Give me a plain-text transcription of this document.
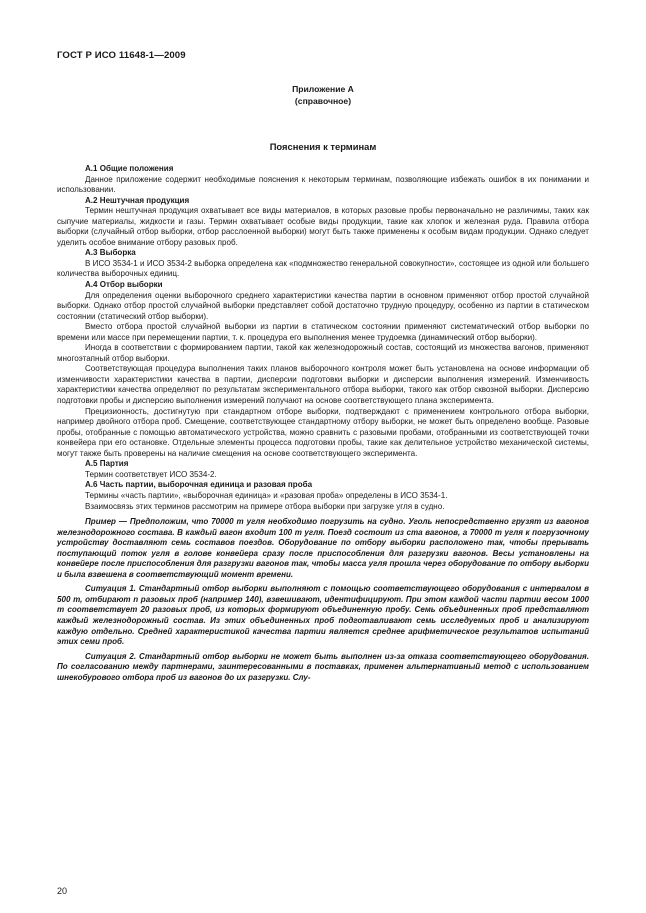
ГОСТ Р ИСО 11648-1—2009
Приложение А
(справочное)
Пояснения к терминам

А.1 Общие положения

Данное приложение содержит необходимые пояснения к некоторым терминам, позволяющие избежать ошибок в их понимании и использовании.

А.2 Нештучная продукция

Термин нештучная продукция охватывает все виды материалов, в которых разовые пробы первоначально не различимы, таких как сыпучие материалы, жидкости и газы. Термин охватывает особые виды продукции, такие как хлопок и железная руда. Правила отбора выборки (случайный отбор выборки, отбор расслоенной выборки) могут быть также применены к особым видам продукции. Однако следует уделить особое внимание отбору разовых проб.

А.3 Выборка

В ИСО 3534-1 и ИСО 3534-2 выборка определена как «подмножество генеральной совокупности», состоящее из одной или большего количества выборочных единиц.

А.4 Отбор выборки

Для определения оценки выборочного среднего характеристики качества партии в основном применяют отбор простой случайной выборки. Однако отбор простой случайной выборки представляет собой достаточно трудную процедуру, особенно из партии в статическом состоянии (статический отбор выборки).

Вместо отбора простой случайной выборки из партии в статическом состоянии применяют систематический отбор выборки по времени или массе при перемещении партии, т. к. процедура его выполнения менее трудоемка (динамический отбор выборки).

Иногда в соответствии с формированием партии, такой как железнодорожный состав, состоящий из множества вагонов, применяют многоэтапный отбор выборки.

Соответствующая процедура выполнения таких планов выборочного контроля может быть установлена на основе информации об изменчивости характеристики качества в партии, дисперсии подготовки выборки и дисперсии выполнения измерений. Изменчивость характеристики качества определяют по результатам экспериментального отбора выборки, такого как отбор сквозной выборки. Дисперсию подготовки пробы и дисперсию выполнения измерений получают на основе соответствующего плана эксперимента.

Прецизионность, достигнутую при стандартном отборе выборки, подтверждают с применением контрольного отбора выборки, например двойного отбора проб. Смещение, соответствующее стандартному отбору выборки, не может быть определено вообще. Разовые пробы, отобранные с помощью автоматического устройства, можно сравнить с разовыми пробами, отобранными из соответствующей точки конвейера при его остановке. Отдельные элементы процесса подготовки пробы, такие как делительное устройство механической системы, могут также быть проверены на наличие смещения на основе соответствующего эксперимента.

А.5 Партия

Термин соответствует ИСО 3534-2.

А.6 Часть партии, выборочная единица и разовая проба

Термины «часть партии», «выборочная единица» и «разовая проба» определены в ИСО 3534-1.

Взаимосвязь этих терминов рассмотрим на примере отбора выборки при загрузке угля в судно.

Пример — Предположим, что 70000 т угля необходимо погрузить на судно. Уголь непосредственно грузят из вагонов железнодорожного состава. В каждый вагон входит 100 т угля. Поезд состоит из ста вагонов, а 70000 т угля к погрузочному устройству доставляют семь составов поездов. Оборудование по отбору выборки расположено так, чтобы прерывать поступающий поток угля в голове конвейера сразу после приспособления для разгрузки вагонов. Весы установлены на конвейере после приспособления для разгрузки вагонов так, чтобы масса угля прошла через оборудование по отбору выборки и была взвешена в соответствующий момент времени.

Ситуация 1. Стандартный отбор выборки выполняют с помощью соответствующего оборудования с интервалом в 500 т, отбирают n разовых проб (например 140), взвешивают, идентифицируют. При этом каждой части партии весом 1000 т соответствует 20 разовых проб, из которых формируют объединенную пробу. Семь объединенных проб представляют каждый железнодорожный состав. Из этих объединенных проб подготавливают семь исследуемых проб и анализируют каждую отдельно. Средней характеристикой качества партии является среднее арифметическое результатов испытаний этих семи проб.

Ситуация 2. Стандартный отбор выборки не может быть выполнен из-за отказа соответствующего оборудования. По согласованию между партнерами, заинтересованными в поставках, применен альтернативный метод с использованием шнекобурового отбора проб из вагонов до их разгрузки. Слу-

20
